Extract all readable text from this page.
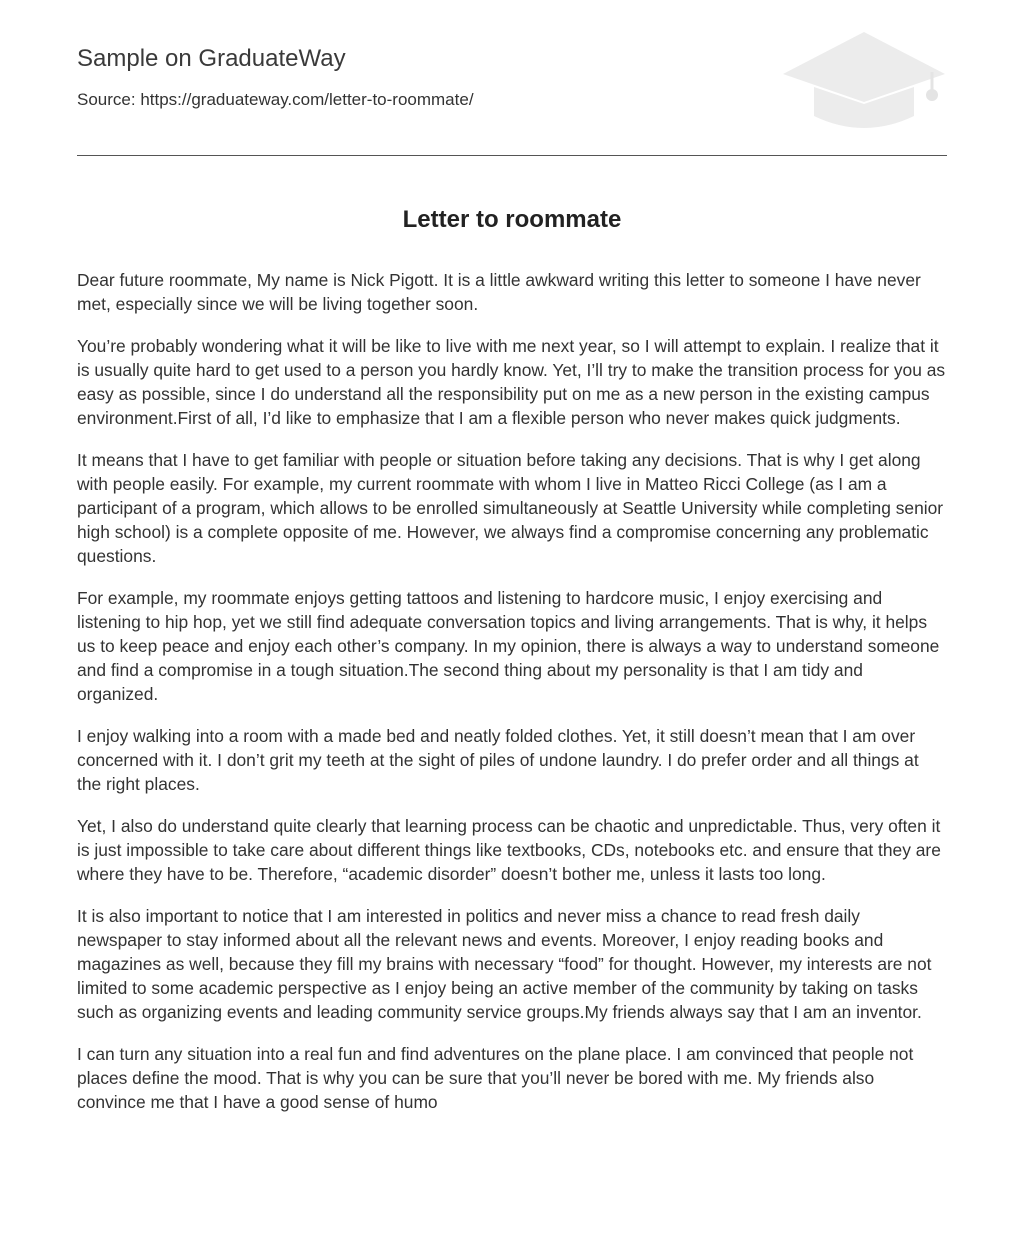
Sample on GraduateWay
Source: https://graduateway.com/letter-to-roommate/
Letter to roommate

Dear future roommate, My name is Nick Pigott. It is a little awkward writing this letter to someone I have never met, especially since we will be living together soon.

You’re probably wondering what it will be like to live with me next year, so I will attempt to explain. I realize that it is usually quite hard to get used to a person you hardly know. Yet, I’ll try to make the transition process for you as easy as possible, since I do understand all the responsibility put on me as a new person in the existing campus environment.First of all, I’d like to emphasize that I am a flexible person who never makes quick judgments.

It means that I have to get familiar with people or situation before taking any decisions. That is why I get along with people easily. For example, my current roommate with whom I live in Matteo Ricci College (as I am a participant of a program, which allows to be enrolled simultaneously at Seattle University while completing senior high school) is a complete opposite of me. However, we always find a compromise concerning any problematic questions.

For example, my roommate enjoys getting tattoos and listening to hardcore music, I enjoy exercising and listening to hip hop, yet we still find adequate conversation topics and living arrangements. That is why, it helps us to keep peace and enjoy each other’s company. In my opinion, there is always a way to understand someone and find a compromise in a tough situation.The second thing about my personality is that I am tidy and organized.

I enjoy walking into a room with a made bed and neatly folded clothes. Yet, it still doesn’t mean that I am over concerned with it. I don’t grit my teeth at the sight of piles of undone laundry. I do prefer order and all things at the right places.

Yet, I also do understand quite clearly that learning process can be chaotic and unpredictable. Thus, very often it is just impossible to take care about different things like textbooks, CDs, notebooks etc. and ensure that they are where they have to be. Therefore, “academic disorder” doesn’t bother me, unless it lasts too long.

It is also important to notice that I am interested in politics and never miss a chance to read fresh daily newspaper to stay informed about all the relevant news and events. Moreover, I enjoy reading books and magazines as well, because they fill my brains with necessary “food” for thought. However, my interests are not limited to some academic perspective as I enjoy being an active member of the community by taking on tasks such as organizing events and leading community service groups.My friends always say that I am an inventor.

I can turn any situation into a real fun and find adventures on the plane place. I am convinced that people not places define the mood. That is why you can be sure that you’ll never be bored with me. My friends also convince me that I have a good sense of humo
